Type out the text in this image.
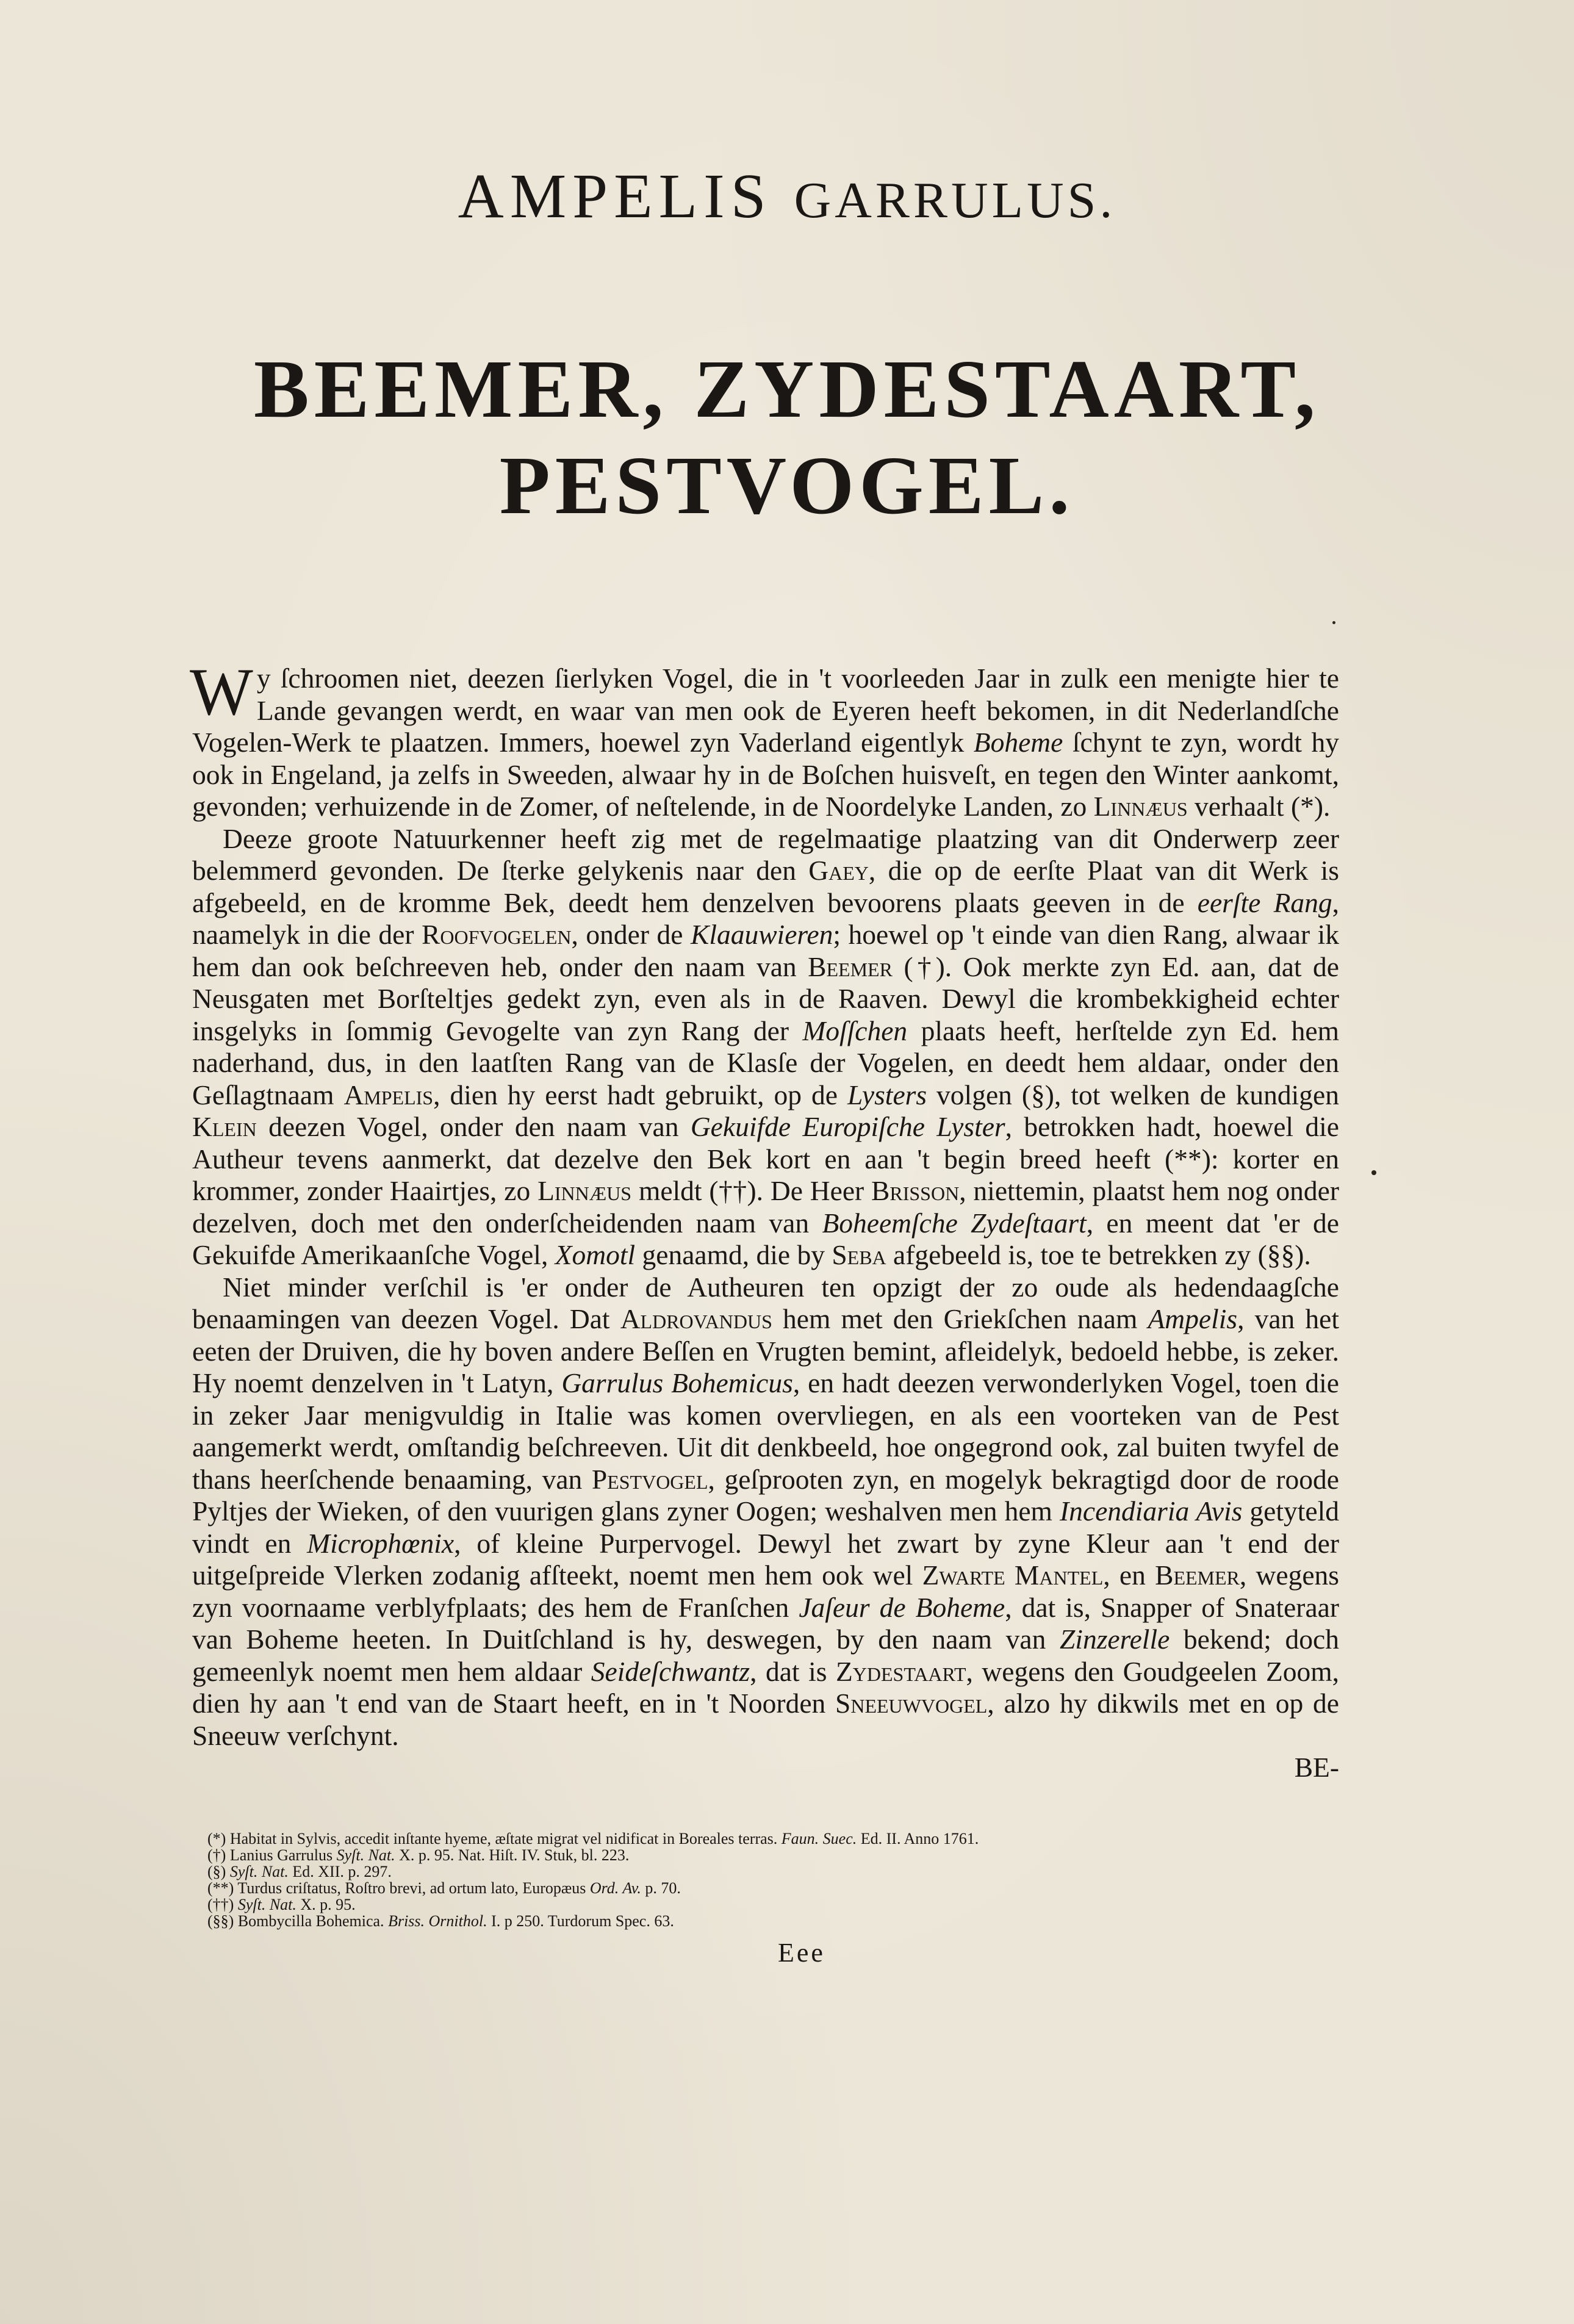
AMPELIS GARRULUS.
BEEMER, ZYDESTAART,
PESTVOGEL.

Wy ſchroomen niet, deezen ſierlyken Vogel, die in 't voorleeden Jaar in zulk een menigte hier te Lande gevangen werdt, en waar van men ook de Eyeren heeft bekomen, in dit Nederlandſche Vogelen-Werk te plaatzen. Immers, hoewel zyn Vaderland eigentlyk Boheme ſchynt te zyn, wordt hy ook in Engeland, ja zelfs in Sweeden, alwaar hy in de Boſchen huisveſt, en tegen den Winter aankomt, gevonden; verhuizende in de Zomer, of neſtelende, in de Noordelyke Landen, zo Linnæus verhaalt (*).

Deeze groote Natuurkenner heeft zig met de regelmaatige plaatzing van dit Onderwerp zeer belemmerd gevonden. De ſterke gelykenis naar den Gaey, die op de eerſte Plaat van dit Werk is afgebeeld, en de kromme Bek, deedt hem denzelven bevoorens plaats geeven in de eerſte Rang, naamelyk in die der Roofvogelen, onder de Klaauwieren; hoewel op 't einde van dien Rang, alwaar ik hem dan ook beſchreeven heb, onder den naam van Beemer (†). Ook merkte zyn Ed. aan, dat de Neusgaten met Borſteltjes gedekt zyn, even als in de Raaven. Dewyl die krombekkigheid echter insgelyks in ſommig Gevogelte van zyn Rang der Moſſchen plaats heeft, herſtelde zyn Ed. hem naderhand, dus, in den laatſten Rang van de Klasſe der Vogelen, en deedt hem aldaar, onder den Geſlagtnaam Ampelis, dien hy eerst hadt gebruikt, op de Lysters volgen (§), tot welken de kundigen Klein deezen Vogel, onder den naam van Gekuifde Europiſche Lyster, betrokken hadt, hoewel die Autheur tevens aanmerkt, dat dezelve den Bek kort en aan 't begin breed heeft (**): korter en krommer, zonder Haairtjes, zo Linnæus meldt (††). De Heer Brisson, niettemin, plaatst hem nog onder dezelven, doch met den onderſcheidenden naam van Boheemſche Zydeſtaart, en meent dat 'er de Gekuifde Amerikaanſche Vogel, Xomotl genaamd, die by Seba afgebeeld is, toe te betrekken zy (§§).

Niet minder verſchil is 'er onder de Autheuren ten opzigt der zo oude als hedendaagſche benaamingen van deezen Vogel. Dat Aldrovandus hem met den Griekſchen naam Ampelis, van het eeten der Druiven, die hy boven andere Beſſen en Vrugten bemint, afleidelyk, bedoeld hebbe, is zeker. Hy noemt denzelven in 't Latyn, Garrulus Bohemicus, en hadt deezen verwonderlyken Vogel, toen die in zeker Jaar menigvuldig in Italie was komen overvliegen, en als een voorteken van de Pest aangemerkt werdt, omſtandig beſchreeven. Uit dit denkbeeld, hoe ongegrond ook, zal buiten twyfel de thans heerſchende benaaming, van Pestvogel, geſprooten zyn, en mogelyk bekragtigd door de roode Pyltjes der Wieken, of den vuurigen glans zyner Oogen; weshalven men hem Incendiaria Avis getyteld vindt en Microphœnix, of kleine Purpervogel. Dewyl het zwart by zyne Kleur aan 't end der uitgeſpreide Vlerken zodanig afſteekt, noemt men hem ook wel Zwarte Mantel, en Beemer, wegens zyn voornaame verblyfplaats; des hem de Franſchen Jaſeur de Boheme, dat is, Snapper of Snateraar van Boheme heeten. In Duitſchland is hy, deswegen, by den naam van Zinzerelle bekend; doch gemeenlyk noemt men hem aldaar Seideſchwantz, dat is Zydestaart, wegens den Goudgeelen Zoom, dien hy aan 't end van de Staart heeft, en in 't Noorden Sneeuwvogel, alzo hy dikwils met en op de Sneeuw verſchynt.

BE-

(*) Habitat in Sylvis, accedit inſtante hyeme, æſtate migrat vel nidificat in Boreales terras. Faun. Suec. Ed. II. Anno 1761.
(†) Lanius Garrulus Syſt. Nat. X. p. 95. Nat. Hiſt. IV. Stuk, bl. 223.
(§) Syſt. Nat. Ed. XII. p. 297.
(**) Turdus criſtatus, Roſtro brevi, ad ortum lato, Europæus Ord. Av. p. 70.
(††) Syſt. Nat. X. p. 95.
(§§) Bombycilla Bohemica. Briss. Ornithol. I. p 250. Turdorum Spec. 63.
Eee
